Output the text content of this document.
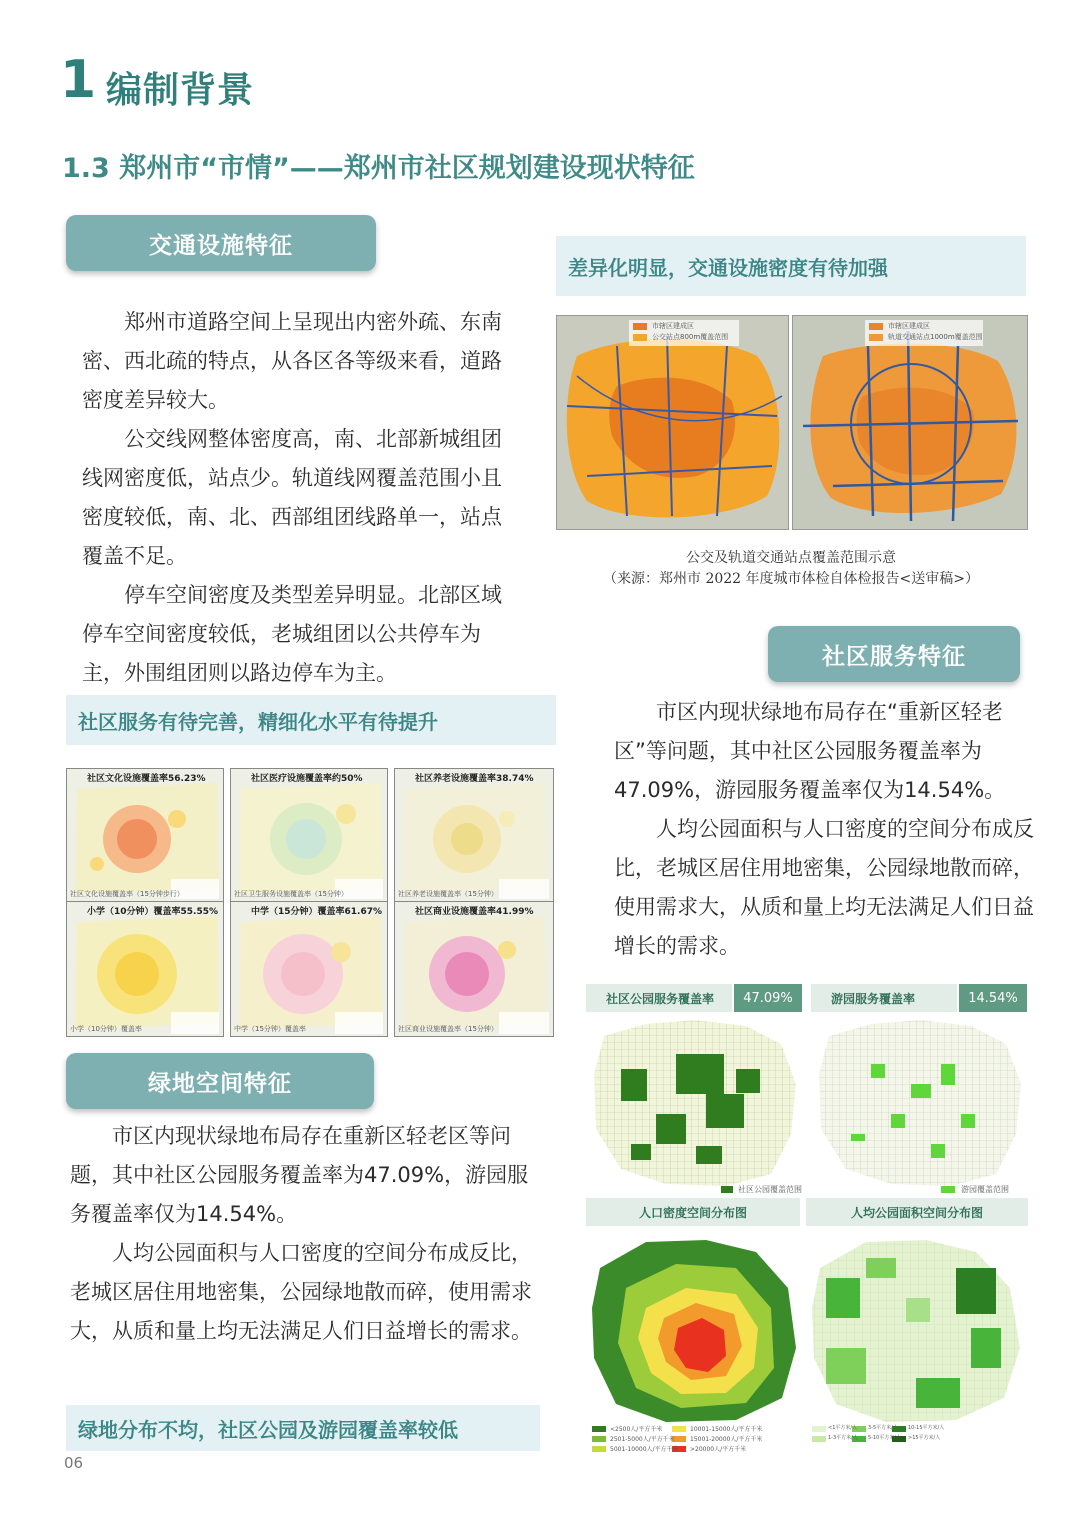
1 编制背景
1.3 郑州市“市情”——郑州市社区规划建设现状特征
交通设施特征

郑州市道路空间上呈现出内密外疏、东南密、西北疏的特点，从各区各等级来看，道路密度差异较大。

公交线网整体密度高，南、北部新城组团线网密度低，站点少。轨道线网覆盖范围小且密度较低，南、北、西部组团线路单一，站点覆盖不足。

停车空间密度及类型差异明显。北部区域停车空间密度较低，老城组团以公共停车为主，外围组团则以路边停车为主。

差异化明显，交通设施密度有待加强
市辖区建成区
公交站点800m覆盖范围
市辖区建成区
轨道交通站点1000m覆盖范围
公交及轨道交通站点覆盖范围示意
（来源：郑州市 2022 年度城市体检自体检报告<送审稿>）
社区服务特征
社区服务有待完善，精细化水平有待提升
社区文化设施覆盖率56.23%
社区文化设施覆盖率（15分钟步行）
社区医疗设施覆盖率约50%
社区卫生服务设施覆盖率（15分钟）
社区养老设施覆盖率38.74%
社区养老设施覆盖率（15分钟）
小学（10分钟）覆盖率55.55%
小学（10分钟）覆盖率
中学（15分钟）覆盖率61.67%
中学（15分钟）覆盖率
社区商业设施覆盖率41.99%
社区商业设施覆盖率（15分钟）
绿地空间特征

市区内现状绿地布局存在重新区轻老区等问题，其中社区公园服务覆盖率为47.09%，游园服务覆盖率仅为14.54%。

人均公园面积与人口密度的空间分布成反比，老城区居住用地密集，公园绿地散而碎，使用需求大，从质和量上均无法满足人们日益增长的需求。

绿地分布不均，社区公园及游园覆盖率较低

市区内现状绿地布局存在“重新区轻老区”等问题，其中社区公园服务覆盖率为47.09%，游园服务覆盖率仅为14.54%。

人均公园面积与人口密度的空间分布成反比，老城区居住用地密集，公园绿地散而碎，使用需求大，从质和量上均无法满足人们日益增长的需求。

社区公园服务覆盖率	47.09%
社区公园覆盖范围
游园服务覆盖率	14.54%
游园覆盖范围
人口密度空间分布图
<2500人/平方千米	10001-15000人/平方千米
2501-5000人/平方千米	15001-20000人/平方千米
5001-10000人/平方千米 >20000人/平方千米
人均公园面积空间分布图
<1平方米/人
1-3平方米/人
3-5平方米/人
5-10平方米/人
10-15平方米/人
>15平方米/人
06
